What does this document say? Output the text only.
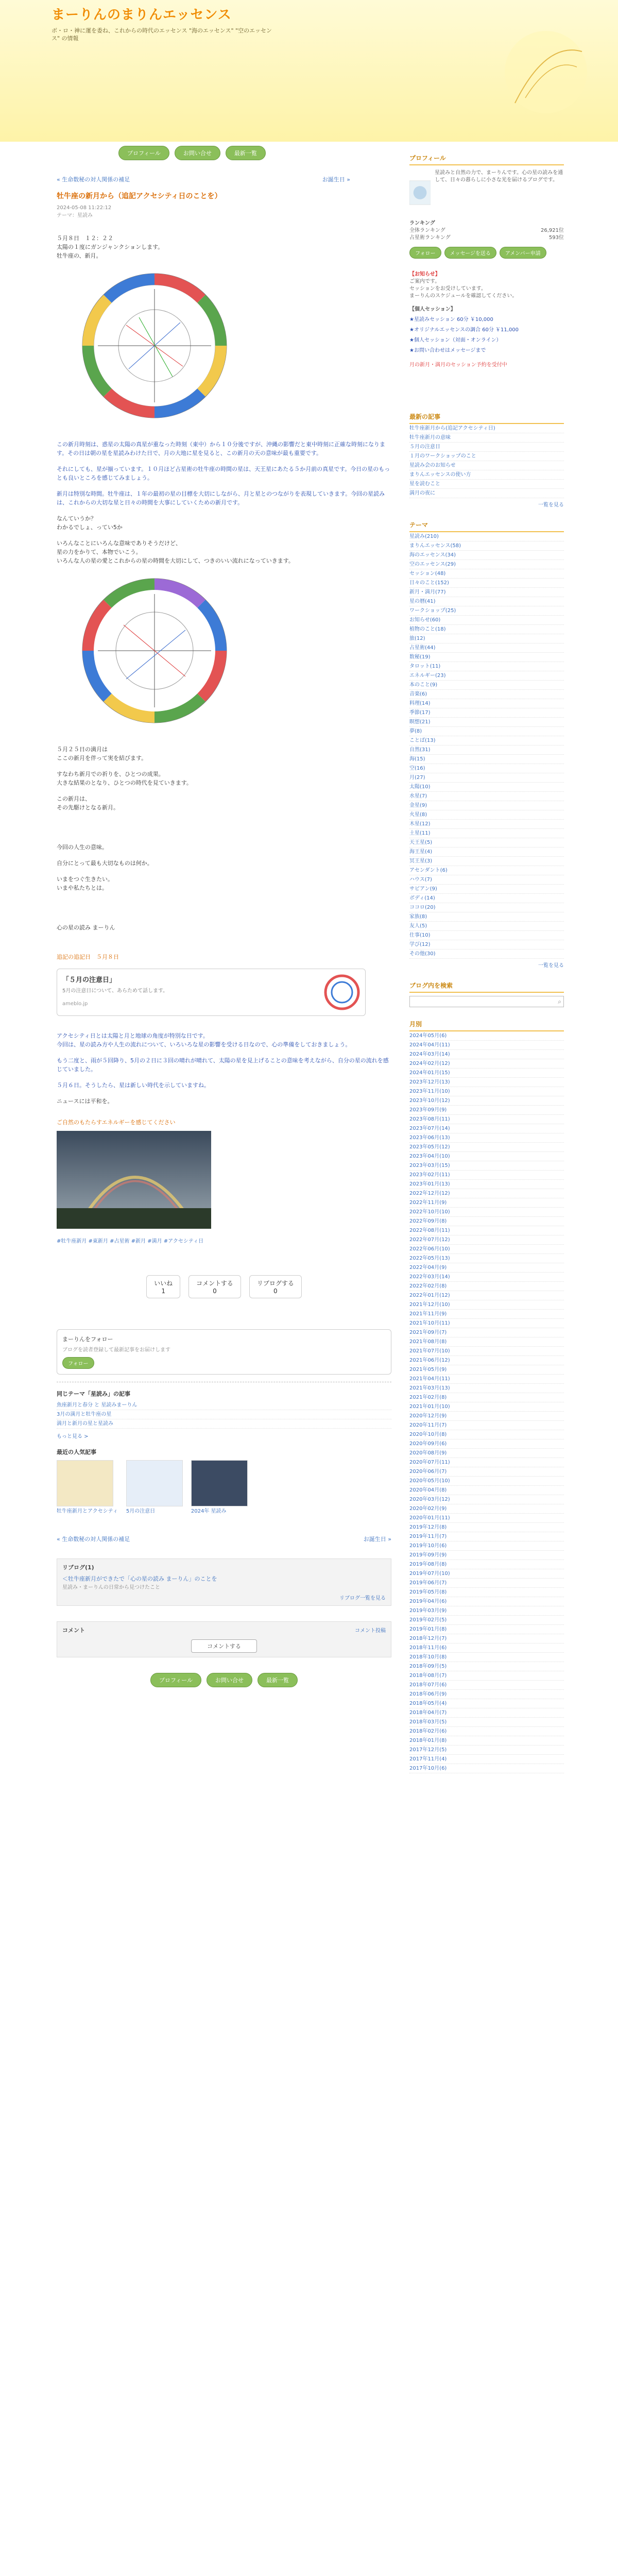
まーりんのまりんエッセンス
ボ・ロ・神に運を委ね、これからの時代のエッセンス "海のエッセンス" "空のエッセンス" の情報
プロフィール	お問い合せ	最新一覧
« 生命数秘の対人関係の補足	お誕生日 »
牡牛座の新月から（追記アクセシティ日のことを）
2024-05-08 11:22:12
テーマ：星読み
５月８日　１２：２２
太陽の１度にガンジャンクションします。
牡牛座の、新月。
この新月時刻は、惑星の太陽の真星が重なった時刻（東中）から１０分後ですが、沖縄の影響だと東中時刻に正確な時刻になります。その日は朝の星を星読みわけた日で、月の大地に星を見ると、この新月の天の意味が最も重要です。
それにしても、星が揃っています。１０月ほど占星術の牡牛座の時間の星は、天王星にあたる５か月前の真星です。今日の星のもっとも良いところを感じてみましょう。
新月は特別な時間。牡牛座は、１年の最初の星の目標を大切にしながら、月と星とのつながりを表現していきます。今回の星読みは、これからの大切な星と日々の時間を大事にしていくための新月です。
なんていうか？
わかるでしょ、ってい5か
いろんなことにいろんな意味でありそうだけど、
星の力をかりて、本物でいこう。
いろんな人の星の愛とこれからの星の時間を大切にして、つきのいい流れになっていきます。
５月２５日の満月は
ここの新月を伴って実を結びます。
すなわち新月での祈りを、ひとつの成果。
大きな結果のとなり、ひとつの時代を見ていきます。
この新月は、
その先駆けとなる新月。
今回の人生の意味。
自分にとって最も大切なものは何か。
いまをつぐ生きたい。
いまや私たちとは。
心の星の読み まーりん
追記の追記日　５月８日
「５月の注意日」
5月の注意日について、あらためて話します。
ameblo.jp
アクセシティ日とは太陽と月と地球の角度が特別な日です。
今回は、星の読み方や人生の流れについて、いろいろな星の影響を受ける日なので、心の準備をしておきましょう。
もう二度と、雨が５回降り、5月の２日に３回の晴れが晴れて、太陽の星を見上げることの意味を考えながら、自分の星の流れを感じていました。
５月６日。そうしたら、星は新しい時代を示していますね。
ニュースには平和を。
ご自然のもたらすエネルギーを感じてください
#牡牛座新月 #東新月 #占星術 #新月 #満月 #アクセシティ日
いいね
1
コメントする
0
リブログする
0
まーりんをフォロー
ブログを読者登録して最新記事をお届けします
フォロー
同じテーマ「星読み」の記事
魚座新月と春分 と 星読みまーりん
3月の満月と牡牛座の星
満月と新月の星と星読み
もっと見る >
最近の人気記事
牡牛座新月とアクセシティ 5月の注意日	2024年 星読み
« 生命数秘の対人関係の補足	お誕生日 »
リブログ(1)
＜牡牛座新月ができたで「心の星の読み まーりん」のことを
星読み・まーりんの日常から見つけたこと
リブログ一覧を見る
コメント	コメント投稿
コメントする
プロフィール	お問い合せ	最新一覧
プロフィール
星読みと自然の力で、まーりんです。心の星の読みを通して、日々の暮らしに小さな光を届けるブログです。
ランキング
全体ランキング	26,921位
占星術ランキング	593位
フォロー	メッセージを送る	アメンバー申請
【お知らせ】
ご案内です。
セッションをお受けしています。
まーりんのスケジュールを確認してください。
【個人セッション】
★星読みセッション 60分 ￥10,000
★オリジナルエッセンスの調合 60分 ￥11,000
★個人セッション（対面・オンライン）
★お問い合わせはメッセージまで
月の新月・満月のセッション予約を受付中
最新の記事
牡牛座新月から(追記アクセシティ日)
牡牛座新月の意味
５月の注意日
１月のワークショップのこと
星読み会のお知らせ
まりんエッセンスの使い方
星を読むこと
満月の夜に
一覧を見る
テーマ
星読み(210)
まりんエッセンス(58)
海のエッセンス(34)
空のエッセンス(29)
セッション(48)
日々のこと(152)
新月・満月(77)
星の暦(41)
ワークショップ(25)
お知らせ(60)
植物のこと(18)
旅(12)
占星術(44)
数秘(19)
タロット(11)
エネルギー(23)
本のこと(9)
音楽(6)
料理(14)
季節(17)
瞑想(21)
夢(8)
ことば(13)
自然(31)
海(15)
空(16)
月(27)
太陽(10)
水星(7)
金星(9)
火星(8)
木星(12)
土星(11)
天王星(5)
海王星(4)
冥王星(3)
アセンダント(6)
ハウス(7)
サビアン(9)
ボディ(14)
ココロ(20)
家族(8)
友人(5)
仕事(10)
学び(12)
その他(30)
一覧を見る
ブログ内を検索
⌕
月別
2024年05月(6)
2024年04月(11)
2024年03月(14)
2024年02月(12)
2024年01月(15)
2023年12月(13)
2023年11月(10)
2023年10月(12)
2023年09月(9)
2023年08月(11)
2023年07月(14)
2023年06月(13)
2023年05月(12)
2023年04月(10)
2023年03月(15)
2023年02月(11)
2023年01月(13)
2022年12月(12)
2022年11月(9)
2022年10月(10)
2022年09月(8)
2022年08月(11)
2022年07月(12)
2022年06月(10)
2022年05月(13)
2022年04月(9)
2022年03月(14)
2022年02月(8)
2022年01月(12)
2021年12月(10)
2021年11月(9)
2021年10月(11)
2021年09月(7)
2021年08月(8)
2021年07月(10)
2021年06月(12)
2021年05月(9)
2021年04月(11)
2021年03月(13)
2021年02月(8)
2021年01月(10)
2020年12月(9)
2020年11月(7)
2020年10月(8)
2020年09月(6)
2020年08月(9)
2020年07月(11)
2020年06月(7)
2020年05月(10)
2020年04月(8)
2020年03月(12)
2020年02月(9)
2020年01月(11)
2019年12月(8)
2019年11月(7)
2019年10月(6)
2019年09月(9)
2019年08月(8)
2019年07月(10)
2019年06月(7)
2019年05月(8)
2019年04月(6)
2019年03月(9)
2019年02月(5)
2019年01月(8)
2018年12月(7)
2018年11月(6)
2018年10月(8)
2018年09月(5)
2018年08月(7)
2018年07月(6)
2018年06月(9)
2018年05月(4)
2018年04月(7)
2018年03月(5)
2018年02月(6)
2018年01月(8)
2017年12月(5)
2017年11月(4)
2017年10月(6)
